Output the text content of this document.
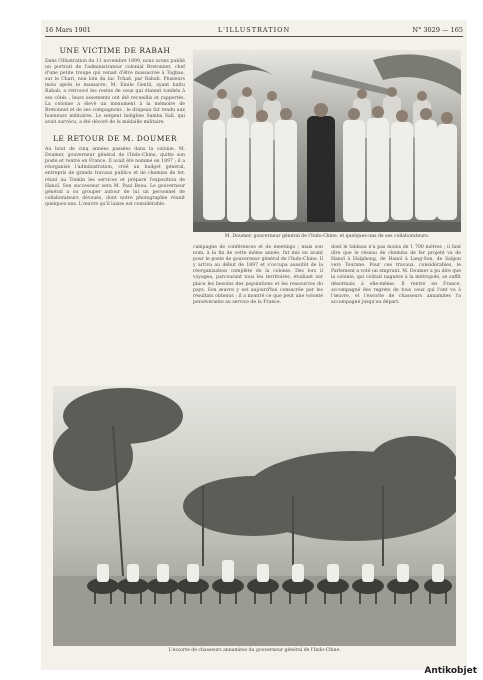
16 Mars 1901	L'ILLUSTRATION	N° 3029 — 165
UNE VICTIME DE RABAH

Dans l'Illustration du 11 novembre 1899, nous avons publié un portrait de l'administrateur colonial Bretonnet, chef d'une petite troupe qui venait d'être massacrée à Togbao, sur le Chari, non loin du lac Tchad, par Rabah. Plusieurs mois après le massacre, M. Émile Gentil, ayant battu Rabah, a retrouvé les restes de ceux qui étaient tombés à ses côtés ; leurs ossements ont été recueillis et rapportés. La colonne a élevé un monument à la mémoire de Bretonnet et de ses compagnons ; le drapeau fut rendu aux honneurs militaires. Le sergent indigène Samba Sall, qui avait survécu, a été décoré de la médaille militaire.

LE RETOUR DE M. DOUMER

Au bout de cinq années passées dans la colonie, M. Doumer, gouverneur général de l'Indo-Chine, quitte son poste et rentre en France. Il avait été nommé en 1897 ; il a réorganisé l'administration, créé un budget général, entrepris de grands travaux publics et de chemins de fer, réuni au Tonkin les services et préparé l'exposition de Hanoï. Son successeur sera M. Paul Beau. Le gouverneur général a su grouper autour de lui un personnel de collaborateurs dévoués, dont notre photographie réunit quelques-uns. L'œuvre qu'il laisse est considérable.

M. Doumer, gouverneur général de l'Indo-Chine, et quelques-uns de ses collaborateurs.

campagne de conférences et de meetings ; mais son nom, à la fin de cette même année, fut mis en avant pour le poste de gouverneur général de l'Indo-Chine. Il y arriva au début de 1897 et s'occupa aussitôt de la réorganisation complète de la colonie. Dès lors il voyagea, parcourant tous les territoires, étudiant sur place les besoins des populations et les ressources du pays. Son œuvre y est aujourd'hui consacrée par les résultats obtenus ; il a montré ce que peut une volonté persévérante au service de la France.

dont le tableau n'a pas moins de 1 700 mètres ; il faut dire que le réseau de chemins de fer projeté va de Hanoï à Haïphong, de Hanoï à Lang-Son, de Saïgon vers Tourane. Pour ces travaux, considérables, le Parlement a voté un emprunt. M. Doumer a pu dire que la colonie, qui coûtait naguère à la métropole, se suffit désormais à elle-même. Il rentre en France, accompagné des regrets de tous ceux qui l'ont vu à l'œuvre, et l'escorte de chasseurs annamites l'a accompagné jusqu'au départ.

L'escorte de chasseurs annamites du gouverneur général de l'Indo-Chine.
Antikobjet
